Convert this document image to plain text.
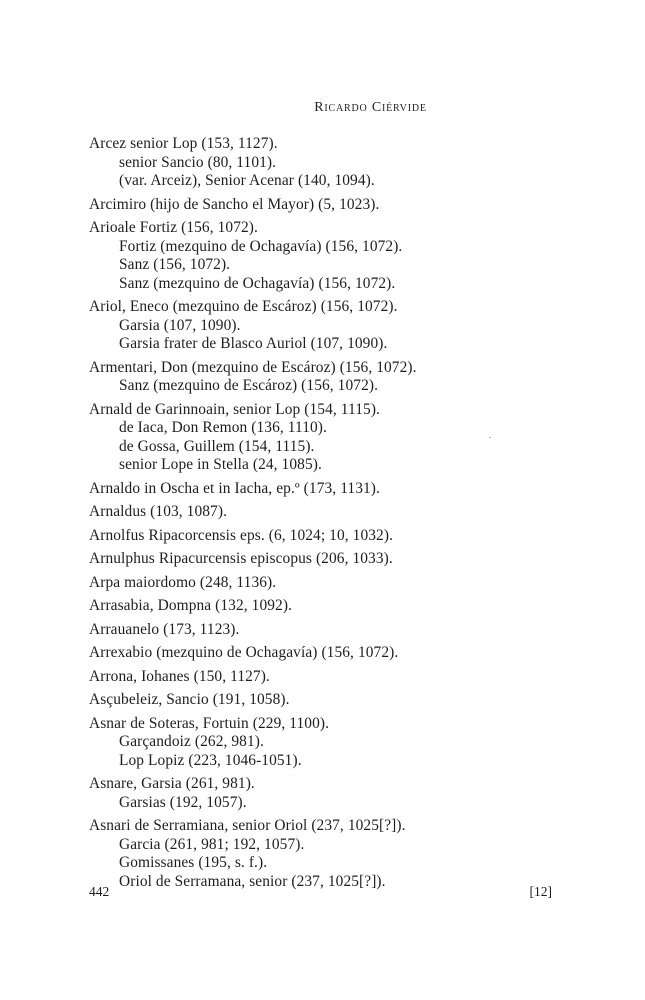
Ricardo Ciérvide
Arcez senior Lop (153, 1127).
senior Sancio (80, 1101).
(var. Arceiz), Senior Acenar (140, 1094).
Arcimiro (hijo de Sancho el Mayor) (5, 1023).
Arioale Fortiz (156, 1072).
Fortiz (mezquino de Ochagavía) (156, 1072).
Sanz (156, 1072).
Sanz (mezquino de Ochagavía) (156, 1072).
Ariol, Eneco (mezquino de Escároz) (156, 1072).
Garsia (107, 1090).
Garsia frater de Blasco Auriol (107, 1090).
Armentari, Don (mezquino de Escároz) (156, 1072).
Sanz (mezquino de Escároz) (156, 1072).
Arnald de Garinnoain, senior Lop (154, 1115).
de Iaca, Don Remon (136, 1110).
de Gossa, Guillem (154, 1115).
senior Lope in Stella (24, 1085).
Arnaldo in Oscha et in Iacha, ep.º (173, 1131).
Arnaldus (103, 1087).
Arnolfus Ripacorcensis eps. (6, 1024; 10, 1032).
Arnulphus Ripacurcensis episcopus (206, 1033).
Arpa maiordomo (248, 1136).
Arrasabia, Dompna (132, 1092).
Arrauanelo (173, 1123).
Arrexabio (mezquino de Ochagavía) (156, 1072).
Arrona, Iohanes (150, 1127).
Asçubeleiz, Sancio (191, 1058).
Asnar de Soteras, Fortuin (229, 1100).
Garçandoiz (262, 981).
Lop Lopiz (223, 1046-1051).
Asnare, Garsia (261, 981).
Garsias (192, 1057).
Asnari de Serramiana, senior Oriol (237, 1025[?]).
Garcia (261, 981; 192, 1057).
Gomissanes (195, s. f.).
Oriol de Serramana, senior (237, 1025[?]).
442	[12]
